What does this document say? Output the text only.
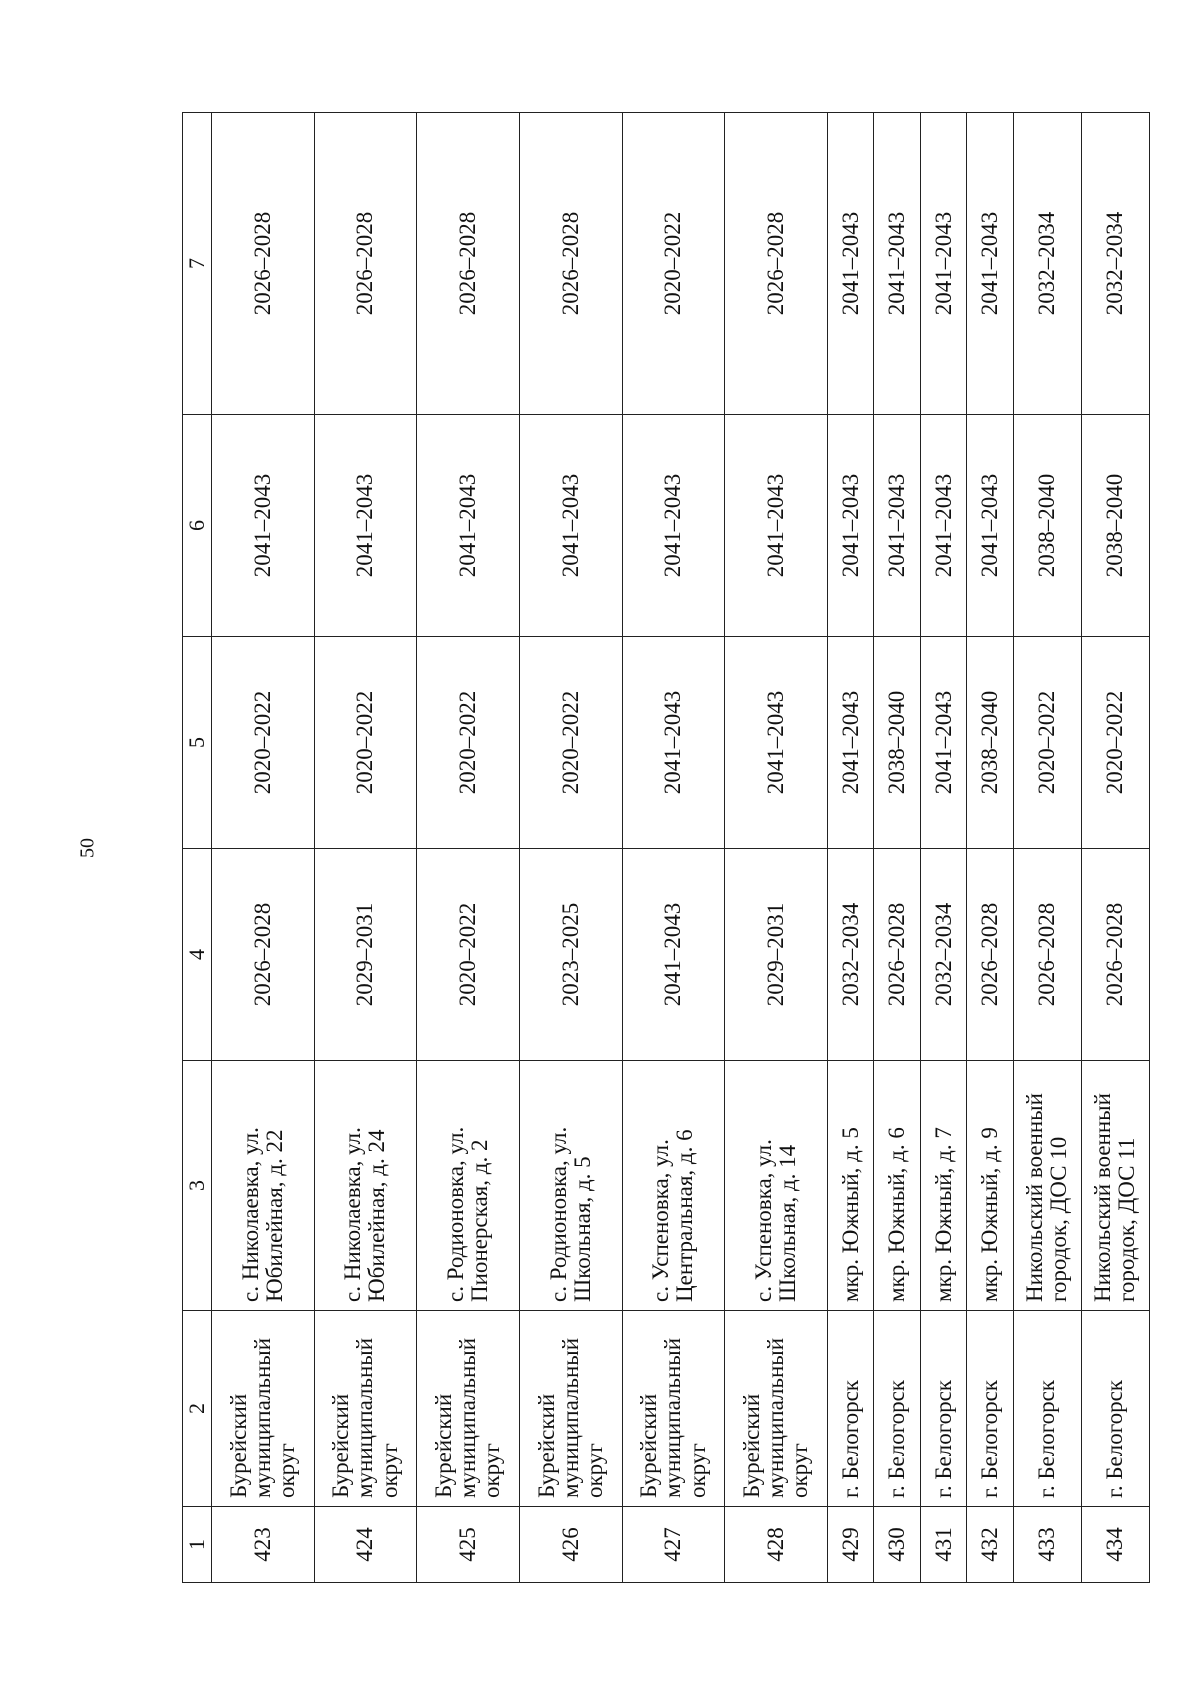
50
1	2	3	4	5	6	7
423	Бурейский муниципальный округ	с. Николаевка, ул. Юбилейная, д. 22	2026–2028	2020–2022	2041–2043	2026–2028
424	Бурейский муниципальный округ	с. Николаевка, ул. Юбилейная, д. 24	2029–2031	2020–2022	2041–2043	2026–2028
425	Бурейский муниципальный округ	с. Родионовка, ул. Пионерская, д. 2	2020–2022	2020–2022	2041–2043	2026–2028
426	Бурейский муниципальный округ	с. Родионовка, ул. Школьная, д. 5	2023–2025	2020–2022	2041–2043	2026–2028
427	Бурейский муниципальный округ	с. Успеновка, ул. Центральная, д. 6	2041–2043	2041–2043	2041–2043	2020–2022
428	Бурейский муниципальный округ	с. Успеновка, ул. Школьная, д. 14	2029–2031	2041–2043	2041–2043	2026–2028
429	г. Белогорск	мкр. Южный, д. 5	2032–2034	2041–2043	2041–2043	2041–2043
430	г. Белогорск	мкр. Южный, д. 6	2026–2028	2038–2040	2041–2043	2041–2043
431	г. Белогорск	мкр. Южный, д. 7	2032–2034	2041–2043	2041–2043	2041–2043
432	г. Белогорск	мкр. Южный, д. 9	2026–2028	2038–2040	2041–2043	2041–2043
433	г. Белогорск	Никольский военный городок, ДОС 10	2026–2028	2020–2022	2038–2040	2032–2034
434	г. Белогорск	Никольский военный городок, ДОС 11	2026–2028	2020–2022	2038–2040	2032–2034
